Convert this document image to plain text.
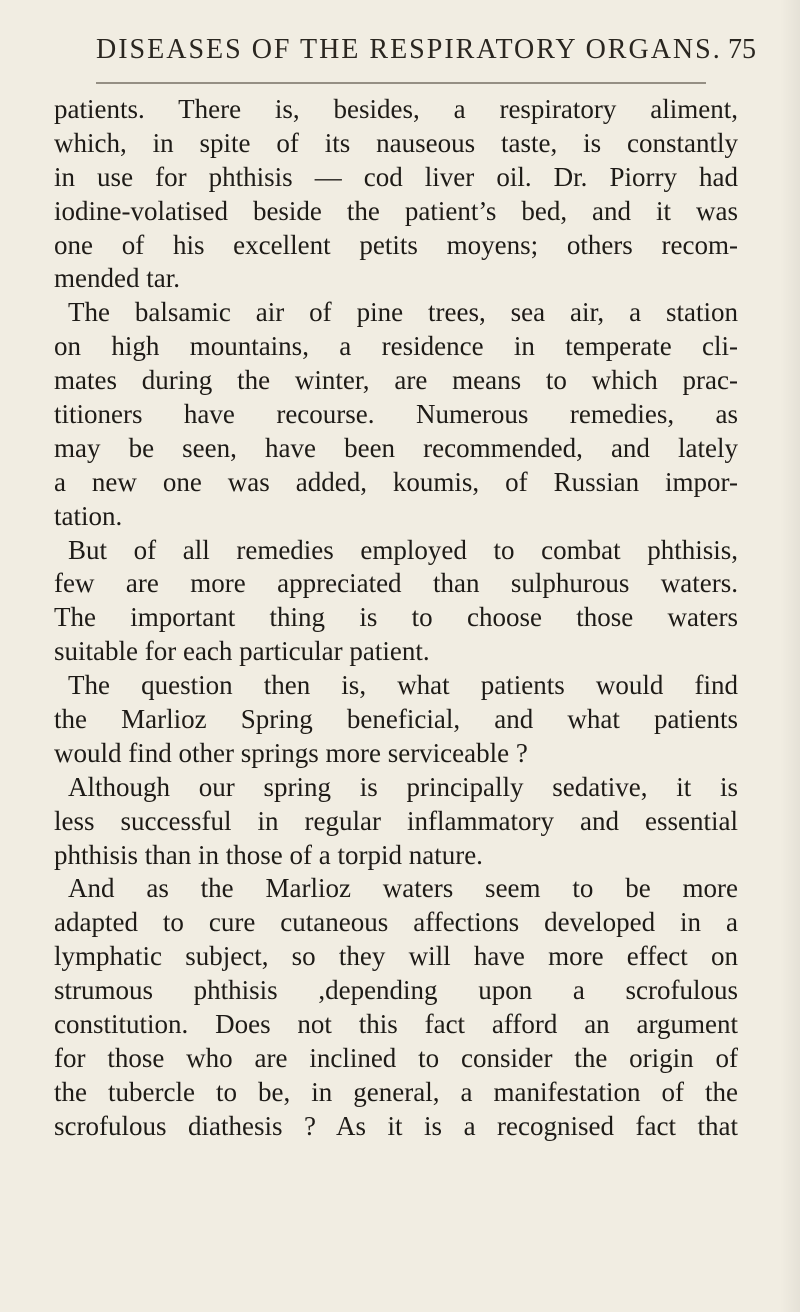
DISEASES OF THE RESPIRATORY ORGANS. 75
patients. There is, besides, a respiratory aliment,
which, in spite of its nauseous taste, is constantly
in use for phthisis — cod liver oil. Dr. Piorry had
iodine-volatised beside the patient’s bed, and it was
one of his excellent petits moyens; others recom-
mended tar.
The balsamic air of pine trees, sea air, a station
on high mountains, a residence in temperate cli-
mates during the winter, are means to which prac-
titioners have recourse. Numerous remedies, as
may be seen, have been recommended, and lately
a new one was added, koumis, of Russian impor-
tation.
But of all remedies employed to combat phthisis,
few are more appreciated than sulphurous waters.
The important thing is to choose those waters
suitable for each particular patient.
The question then is, what patients would find
the Marlioz Spring beneficial, and what patients
would find other springs more serviceable ?
Although our spring is principally sedative, it is
less successful in regular inflammatory and essential
phthisis than in those of a torpid nature.
And as the Marlioz waters seem to be more
adapted to cure cutaneous affections developed in a
lymphatic subject, so they will have more effect on
strumous phthisis ,depending upon a scrofulous
constitution. Does not this fact afford an argument
for those who are inclined to consider the origin of
the tubercle to be, in general, a manifestation of the
scrofulous diathesis ? As it is a recognised fact that
